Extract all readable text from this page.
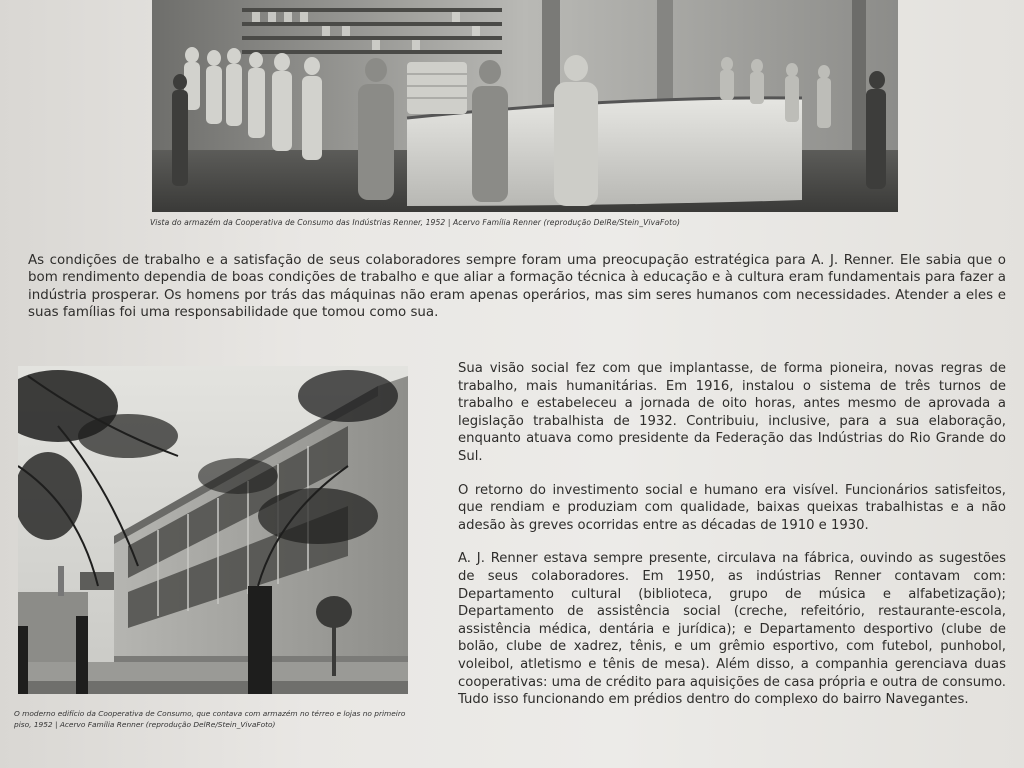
Vista do armazém da Cooperativa de Consumo das Indústrias Renner, 1952 | Acervo Família Renner (reprodução DelRe/Stein_VivaFoto)

As condições de trabalho e a satisfação de seus colaboradores sempre foram uma preocupação estratégica para A. J. Renner. Ele sabia que o bom rendimento dependia de boas condições de trabalho e que aliar a formação técnica à educação e à cultura eram fundamentais para fazer a indústria prosperar. Os homens por trás das máquinas não eram apenas operários, mas sim seres humanos com necessidades. Atender a eles e suas famílias foi uma responsabilidade que tomou como sua.

O moderno edifício da Cooperativa de Consumo, que contava com armazém no térreo e lojas no primeiro piso, 1952 | Acervo Família Renner (reprodução DelRe/Stein_VivaFoto)

Sua visão social fez com que implantasse, de forma pioneira, novas regras de trabalho, mais humanitárias. Em 1916, instalou o sistema de três turnos de trabalho e estabeleceu a jornada de oito horas, antes mesmo de aprovada a legislação trabalhista de 1932. Contribuiu, inclusive, para a sua elaboração, enquanto atuava como presidente da Federação das Indústrias do Rio Grande do Sul.

O retorno do investimento social e humano era visível. Funcionários satisfeitos, que rendiam e produziam com qualidade, baixas queixas trabalhistas e a não adesão às greves ocorridas entre as décadas de 1910 e 1930.

A. J. Renner estava sempre presente, circulava na fábrica, ouvindo as sugestões de seus colaboradores. Em 1950, as indústrias Renner contavam com: Departamento cultural (biblioteca, grupo de música e alfabetização); Departamento de assistência social (creche, refeitório, restaurante-escola, assistência médica, dentária e jurídica); e Departamento desportivo (clube de bolão, clube de xadrez, tênis, e um grêmio esportivo, com futebol, punhobol, voleibol, atletismo e tênis de mesa). Além disso, a companhia gerenciava duas cooperativas: uma de crédito para aquisições de casa própria e outra de consumo. Tudo isso funcionando em prédios dentro do complexo do bairro Navegantes.
